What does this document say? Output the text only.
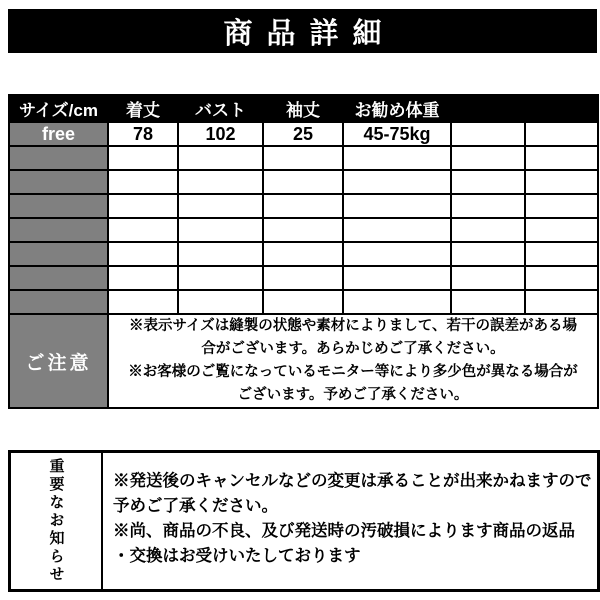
商品詳細
サイズ/cm	着丈	バスト	袖丈	お勧め体重		
free	78	102	25	45-75kg		

ご注意	※表示サイズは縫製の状態や素材によりまして、若干の誤差がある場
合がございます。あらかじめご了承ください。
※お客様のご覧になっているモニター等により多少色が異なる場合が
ございます。予めご了承ください。					
重要なお知らせ	※発送後のキャンセルなどの変更は承ることが出来かねますので
予めご了承ください。
※尚、商品の不良、及び発送時の汚破損によります商品の返品
・交換はお受けいたしております
